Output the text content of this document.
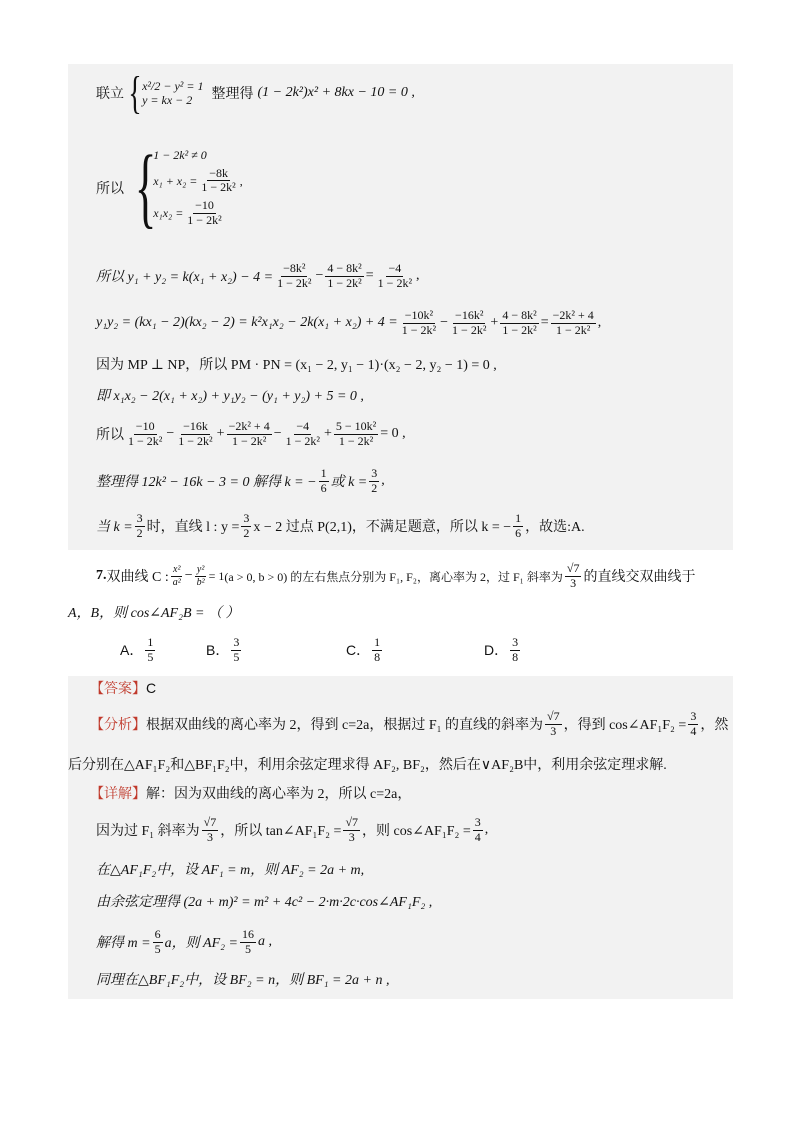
联立 { x²/2 − y² = 1
y = kx − 2 整理得 (1 − 2k²)x² + 8kx − 10 = 0 ,
所以 {
1 − 2k² ≠ 0
$x_1 + x_2 = \frac{-8k}{\text{1 − 2k²}}$ ,
$x_1x_2 = \frac{-10}{\text{1 − 2k²}}$
所以 $y_1 + y_2 = k(x_1 + x_2) - 4 = \frac{\text{−8k²}}{\text{1 − 2k²}} - \frac{\text{4 − 8k²}}{\text{1 − 2k²}} = \frac{-4}{\text{1 − 2k²}}$ ,
$y_1y_2 = (kx_1 - 2)(kx_2 - 2) = k^2x_1x_2 - 2k(x_1 + x_2) + 4 = \frac{\text{−10k²}}{\text{1 − 2k²}} - \frac{\text{−16k²}}{\text{1 − 2k²}} + \frac{\text{4 − 8k²}}{\text{1 − 2k²}} = \frac{\text{−2k² + 4}}{\text{1 − 2k²}}$ ,
因为 MP ⊥ NP，所以 PM · PN = (x₁ − 2, y₁ − 1)·(x₂ − 2, y₂ − 1) = 0 ,
即 x₁x₂ − 2(x₁ + x₂) + y₁y₂ − (y₁ + y₂) + 5 = 0 ,
所以 $\frac{-10}{\text{1 − 2k²}} - \frac{-16k}{\text{1 − 2k²}} + \frac{\text{−2k² + 4}}{\text{1 − 2k²}} - \frac{-4}{\text{1 − 2k²}} + \frac{\text{5 − 10k²}}{\text{1 − 2k²}} = 0$ ,
整理得 12k² − 16k − 3 = 0 解得 k = − $\frac{1}{6}$ 或 $k = \frac{3}{2}$ ,
当 $k = \frac{3}{2}$ 时，直线 l : $y = \frac{3}{2}$ x − 2 过点 P(2,1)，不满足题意，所以 k = − $\frac{1}{6}$ ，故选:A.
7. 双曲线 C : $\frac{\text{x²}}{\text{a²}} - \frac{\text{y²}}{\text{b²}} = 1$ (a > 0, b > 0) 的左右焦点分别为 F₁, F₂，离心率为 2，过 F₁ 斜率为 $\frac{√7}{3}$ 的直线交双曲线于
A，B，则 cos∠AF₂B = （ ）
A． $\frac{1}{5}$	B． $\frac{3}{5}$	C． $\frac{1}{8}$	D． $\frac{3}{8}$
【答案】 C
【分析】 根据双曲线的离心率为 2，得到 c=2a，根据过 F₁ 的直线的斜率为 $\frac{√7}{3}$ ，得到 cos∠AF₁F₂ = $\frac{3}{4}$ ，然
后分别在△AF₁F₂和△BF₁F₂中，利用余弦定理求得 AF₂, BF₂，然后在∨AF₂B中，利用余弦定理求解.
【详解】 解：因为双曲线的离心率为 2，所以 c=2a，
因为过 F₁ 斜率为 $\frac{√7}{3}$ ，所以 tan∠AF₁F₂ = $\frac{√7}{3}$ ，则 cos∠AF₁F₂ = $\frac{3}{4}$ ,
在△AF₁F₂中，设 AF₁ = m，则 AF₂ = 2a + m,
由余弦定理得 (2a + m)² = m² + 4c² − 2·m·2c·cos∠AF₁F₂ ,
解得 $m = \frac{6}{5}$ a，则 $AF_2 = \frac{16}{5}$ a ,
同理在△BF₁F₂中，设 BF₂ = n，则 BF₁ = 2a + n ,
